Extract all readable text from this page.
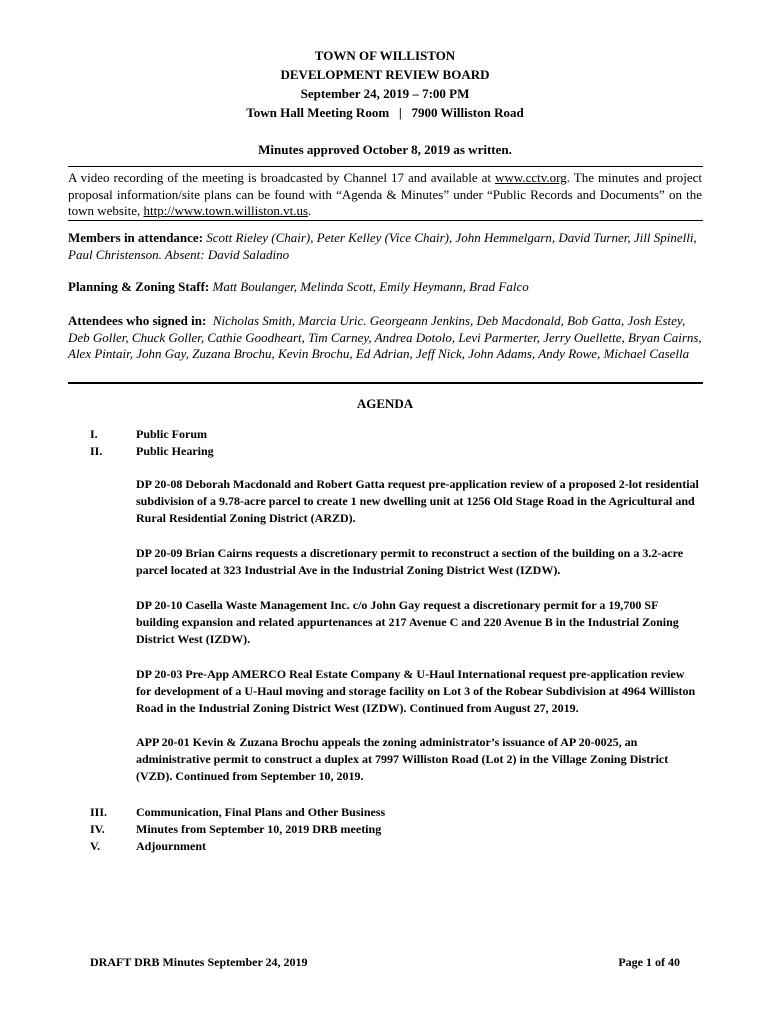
TOWN OF WILLISTON
DEVELOPMENT REVIEW BOARD
September 24, 2019 – 7:00 PM
Town Hall Meeting Room   |   7900 Williston Road
Minutes approved October 8, 2019 as written.
A video recording of the meeting is broadcasted by Channel 17 and available at www.cctv.org. The minutes and project proposal information/site plans can be found with “Agenda & Minutes” under “Public Records and Documents” on the town website, http://www.town.williston.vt.us.
Members in attendance: Scott Rieley (Chair), Peter Kelley (Vice Chair), John Hemmelgarn, David Turner, Jill Spinelli, Paul Christenson. Absent: David Saladino
Planning & Zoning Staff: Matt Boulanger, Melinda Scott, Emily Heymann, Brad Falco
Attendees who signed in:  Nicholas Smith, Marcia Uric. Georgeann Jenkins, Deb Macdonald, Bob Gatta, Josh Estey, Deb Goller, Chuck Goller, Cathie Goodheart, Tim Carney, Andrea Dotolo, Levi Parmerter, Jerry Ouellette, Bryan Cairns, Alex Pintair, John Gay, Zuzana Brochu, Kevin Brochu, Ed Adrian, Jeff Nick, John Adams, Andy Rowe, Michael Casella
AGENDA
I.	Public Forum
II.	Public Hearing
DP 20-08 Deborah Macdonald and Robert Gatta request pre-application review of a proposed 2-lot residential subdivision of a 9.78-acre parcel to create 1 new dwelling unit at 1256 Old Stage Road in the Agricultural and Rural Residential Zoning District (ARZD).
DP 20-09 Brian Cairns requests a discretionary permit to reconstruct a section of the building on a 3.2-acre parcel located at 323 Industrial Ave in the Industrial Zoning District West (IZDW).
DP 20-10 Casella Waste Management Inc. c/o John Gay request a discretionary permit for a 19,700 SF building expansion and related appurtenances at 217 Avenue C and 220 Avenue B in the Industrial Zoning District West (IZDW).
DP 20-03 Pre-App AMERCO Real Estate Company & U-Haul International request pre-application review for development of a U-Haul moving and storage facility on Lot 3 of the Robear Subdivision at 4964 Williston Road in the Industrial Zoning District West (IZDW). Continued from August 27, 2019.
APP 20-01 Kevin & Zuzana Brochu appeals the zoning administrator’s issuance of AP 20-0025, an administrative permit to construct a duplex at 7997 Williston Road (Lot 2) in the Village Zoning District (VZD). Continued from September 10, 2019.
III. Communication, Final Plans and Other Business
IV.	Minutes from September 10, 2019 DRB meeting
V.	Adjournment
DRAFT DRB Minutes September 24, 2019	Page 1 of 40
